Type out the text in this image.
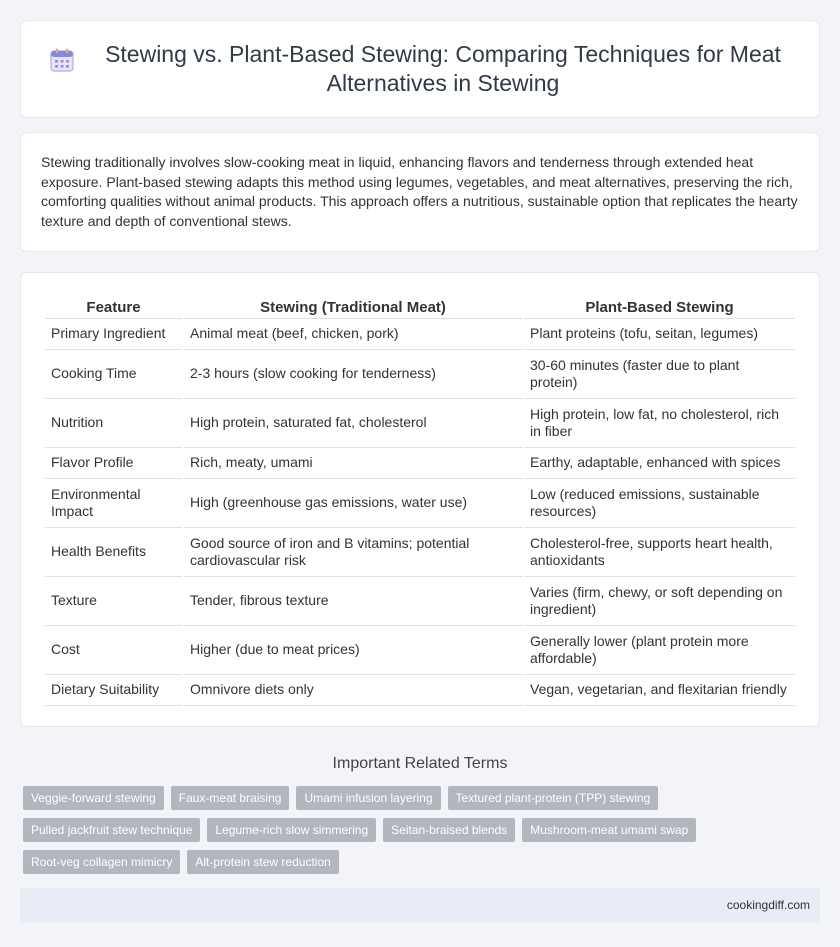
Stewing vs. Plant-Based Stewing: Comparing Techniques for Meat Alternatives in Stewing
Stewing traditionally involves slow-cooking meat in liquid, enhancing flavors and tenderness through extended heat exposure. Plant-based stewing adapts this method using legumes, vegetables, and meat alternatives, preserving the rich, comforting qualities without animal products. This approach offers a nutritious, sustainable option that replicates the hearty texture and depth of conventional stews.
Feature	Stewing (Traditional Meat)	Plant-Based Stewing
Primary Ingredient	Animal meat (beef, chicken, pork)	Plant proteins (tofu, seitan, legumes)
Cooking Time	2-3 hours (slow cooking for tenderness)	30-60 minutes (faster due to plant protein)
Nutrition	High protein, saturated fat, cholesterol	High protein, low fat, no cholesterol, rich in fiber
Flavor Profile	Rich, meaty, umami	Earthy, adaptable, enhanced with spices
Environmental Impact	High (greenhouse gas emissions, water use)	Low (reduced emissions, sustainable resources)
Health Benefits	Good source of iron and B vitamins; potential cardiovascular risk	Cholesterol-free, supports heart health, antioxidants
Texture	Tender, fibrous texture	Varies (firm, chewy, or soft depending on ingredient)
Cost	Higher (due to meat prices)	Generally lower (plant protein more affordable)
Dietary Suitability	Omnivore diets only	Vegan, vegetarian, and flexitarian friendly
Important Related Terms
Veggie-forward stewing	Faux-meat braising	Umami infusion layering	Textured plant-protein (TPP) stewing
Pulled jackfruit stew technique	Legume-rich slow simmering	Seitan-braised blends	Mushroom-meat umami swap
Root-veg collagen mimicry	Alt-protein stew reduction
cookingdiff.com
